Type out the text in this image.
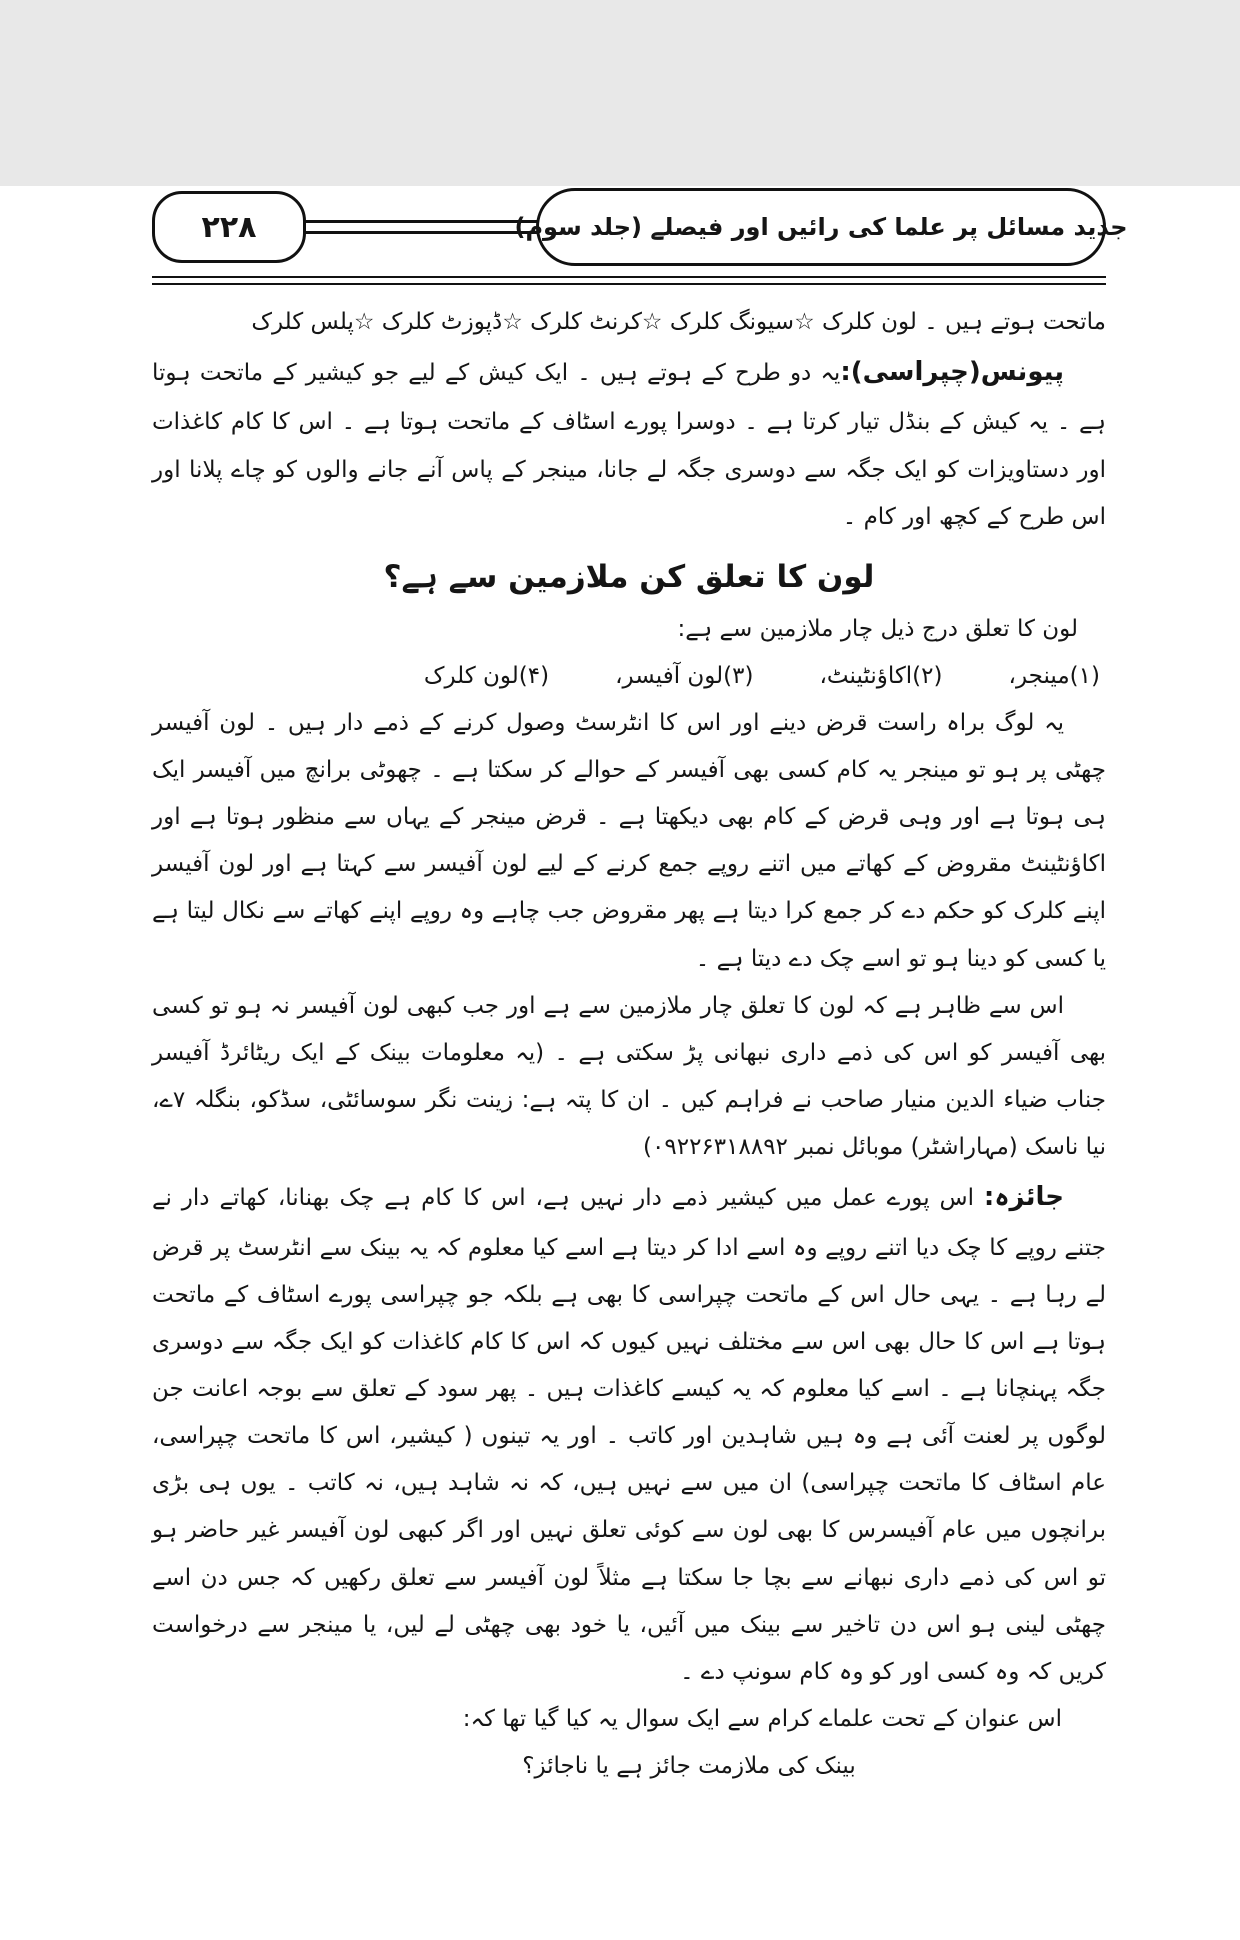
۲۲۸	جدید مسائل پر علما کی رائیں اور فیصلے (جلد سوم)

ماتحت ہوتے ہیں ۔ لون کلرک ☆سیونگ کلرک ☆کرنٹ کلرک ☆ڈپوزٹ کلرک ☆پلس کلرک

پیونس(چپراسی):یہ دو طرح کے ہوتے ہیں ۔ ایک کیش کے لیے جو کیشیر کے ماتحت ہوتا ہے ۔ یہ کیش کے بنڈل تیار کرتا ہے ۔ دوسرا پورے اسٹاف کے ماتحت ہوتا ہے ۔ اس کا کام کاغذات اور دستاویزات کو ایک جگہ سے دوسری جگہ لے جانا، مینجر کے پاس آنے جانے والوں کو چاے پلانا اور اس طرح کے کچھ اور کام ۔

لون کا تعلق کن ملازمین سے ہے؟

لون کا تعلق درج ذیل چار ملازمین سے ہے:

(۱)مینجر،
(۲)اکاؤنٹینٹ،
(۳)لون آفیسر،
(۴)لون کلرک

یہ لوگ براہ راست قرض دینے اور اس کا انٹرسٹ وصول کرنے کے ذمے دار ہیں ۔ لون آفیسر چھٹی پر ہو تو مینجر یہ کام کسی بھی آفیسر کے حوالے کر سکتا ہے ۔ چھوٹی برانچ میں آفیسر ایک ہی ہوتا ہے اور وہی قرض کے کام بھی دیکھتا ہے ۔ قرض مینجر کے یہاں سے منظور ہوتا ہے اور اکاؤنٹینٹ مقروض کے کھاتے میں اتنے روپے جمع کرنے کے لیے لون آفیسر سے کہتا ہے اور لون آفیسر اپنے کلرک کو حکم دے کر جمع کرا دیتا ہے پھر مقروض جب چاہے وہ روپے اپنے کھاتے سے نکال لیتا ہے یا کسی کو دینا ہو تو اسے چک دے دیتا ہے ۔

اس سے ظاہر ہے کہ لون کا تعلق چار ملازمین سے ہے اور جب کبھی لون آفیسر نہ ہو تو کسی بھی آفیسر کو اس کی ذمے داری نبھانی پڑ سکتی ہے ۔ (یہ معلومات بینک کے ایک ریٹائرڈ آفیسر جناب ضیاء الدین منیار صاحب نے فراہم کیں ۔ ان کا پتہ ہے: زینت نگر سوسائٹی، سڈکو، بنگلہ ۷ے، نیا ناسک (مہاراشٹر) موبائل نمبر ۰۹۲۲۶۳۱۸۸۹۲)

جائزہ: اس پورے عمل میں کیشیر ذمے دار نہیں ہے، اس کا کام ہے چک بھنانا، کھاتے دار نے جتنے روپے کا چک دیا اتنے روپے وہ اسے ادا کر دیتا ہے اسے کیا معلوم کہ یہ بینک سے انٹرسٹ پر قرض لے رہا ہے ۔ یہی حال اس کے ماتحت چپراسی کا بھی ہے بلکہ جو چپراسی پورے اسٹاف کے ماتحت ہوتا ہے اس کا حال بھی اس سے مختلف نہیں کیوں کہ اس کا کام کاغذات کو ایک جگہ سے دوسری جگہ پہنچانا ہے ۔ اسے کیا معلوم کہ یہ کیسے کاغذات ہیں ۔ پھر سود کے تعلق سے بوجہ اعانت جن لوگوں پر لعنت آئی ہے وہ ہیں شاہدین اور کاتب ۔ اور یہ تینوں ( کیشیر، اس کا ماتحت چپراسی، عام اسٹاف کا ماتحت چپراسی) ان میں سے نہیں ہیں، کہ نہ شاہد ہیں، نہ کاتب ۔ یوں ہی بڑی برانچوں میں عام آفیسرس کا بھی لون سے کوئی تعلق نہیں اور اگر کبھی لون آفیسر غیر حاضر ہو تو اس کی ذمے داری نبھانے سے بچا جا سکتا ہے مثلاً لون آفیسر سے تعلق رکھیں کہ جس دن اسے چھٹی لینی ہو اس دن تاخیر سے بینک میں آئیں، یا خود بھی چھٹی لے لیں، یا مینجر سے درخواست کریں کہ وہ کسی اور کو وہ کام سونپ دے ۔

اس عنوان کے تحت علماے کرام سے ایک سوال یہ کیا گیا تھا کہ:

بینک کی ملازمت جائز ہے یا ناجائز؟
